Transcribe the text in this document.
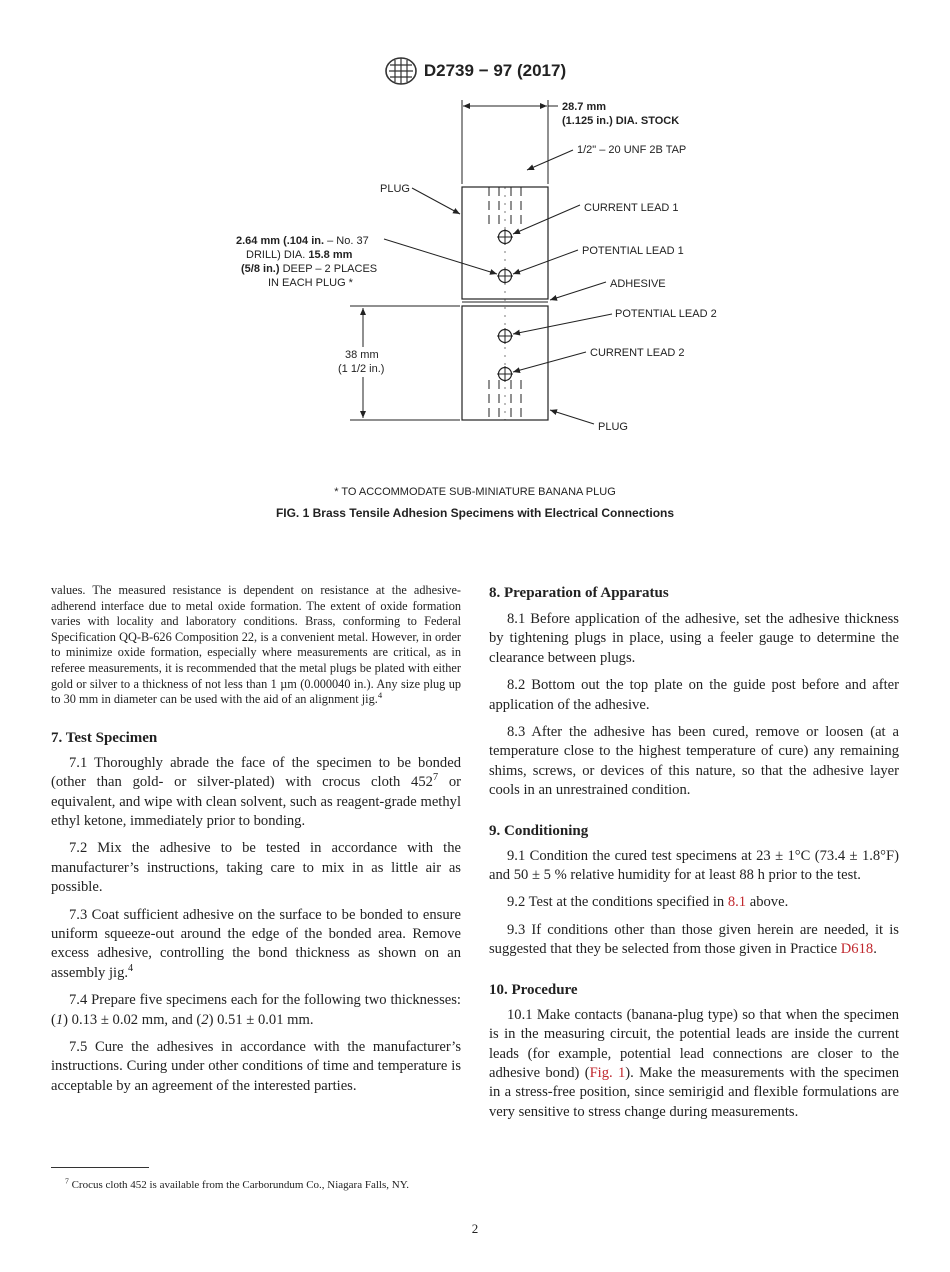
D2739 − 97 (2017)
28.7 mm
(1.125 in.) DIA. STOCK
1/2" – 20 UNF 2B TAP
PLUG
CURRENT LEAD 1
2.64 mm (.104 in. – No. 37
DRILL) DIA. 15.8 mm
(5/8 in.) DEEP – 2 PLACES
IN EACH PLUG *
POTENTIAL LEAD 1
ADHESIVE
POTENTIAL LEAD 2
38 mm
(1 1/2 in.)
CURRENT LEAD 2
PLUG
* TO ACCOMMODATE SUB-MINIATURE BANANA PLUG
FIG. 1 Brass Tensile Adhesion Specimens with Electrical Connections

values. The measured resistance is dependent on resistance at the adhesive-adherend interface due to metal oxide formation. The extent of oxide formation varies with locality and laboratory conditions. Brass, conforming to Federal Specification QQ-B-626 Composition 22, is a convenient metal. However, in order to minimize oxide formation, especially where measurements are critical, as in referee measurements, it is recommended that the metal plugs be plated with either gold or silver to a thickness of not less than 1 µm (0.000040 in.). Any size plug up to 30 mm in diameter can be used with the aid of an alignment jig.$^4$

7. Test Specimen

7.1 Thoroughly abrade the face of the specimen to be bonded (other than gold- or silver-plated) with crocus cloth $452^7$ or equivalent, and wipe with clean solvent, such as reagent-grade methyl ethyl ketone, immediately prior to bonding.

7.2 Mix the adhesive to be tested in accordance with the manufacturer’s instructions, taking care to mix in as little air as possible.

7.3 Coat sufficient adhesive on the surface to be bonded to ensure uniform squeeze-out around the edge of the bonded area. Remove excess adhesive, controlling the bond thickness as shown on an assembly jig.$^4$

7.4 Prepare five specimens each for the following two thicknesses: (1) 0.13 ± 0.02 mm, and (2) 0.51 ± 0.01 mm.

7.5 Cure the adhesives in accordance with the manufacturer’s instructions. Curing under other conditions of time and temperature is acceptable by an agreement of the interested parties.

$^7$ Crocus cloth 452 is available from the Carborundum Co., Niagara Falls, NY.
8. Preparation of Apparatus

8.1 Before application of the adhesive, set the adhesive thickness by tightening plugs in place, using a feeler gauge to determine the clearance between plugs.

8.2 Bottom out the top plate on the guide post before and after application of the adhesive.

8.3 After the adhesive has been cured, remove or loosen (at a temperature close to the highest temperature of cure) any remaining shims, screws, or devices of this nature, so that the adhesive layer cools in an unrestrained condition.

9. Conditioning

9.1 Condition the cured test specimens at 23 ± 1°C (73.4 ± 1.8°F) and 50 ± 5 % relative humidity for at least 88 h prior to the test.

9.2 Test at the conditions specified in 8.1 above.

9.3 If conditions other than those given herein are needed, it is suggested that they be selected from those given in Practice D618.

10. Procedure

10.1 Make contacts (banana-plug type) so that when the specimen is in the measuring circuit, the potential leads are inside the current leads (for example, potential lead connections are closer to the adhesive bond) (Fig. 1). Make the measurements with the specimen in a stress-free position, since semirigid and flexible formulations are very sensitive to stress change during measurements.

2
